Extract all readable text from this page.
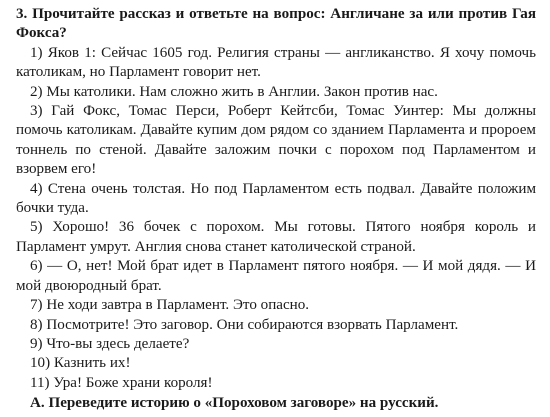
3. Прочитайте рассказ и ответьте на вопрос: Англичане за или против Гая Фокса?

1) Яков 1: Сейчас 1605 год. Религия страны — англиканство. Я хочу помочь католикам, но Парламент говорит нет.

2) Мы католики. Нам сложно жить в Англии. Закон против нас.

3) Гай Фокс, Томас Перси, Роберт Кейтсби, Томас Уинтер: Мы должны помочь католикам. Давайте купим дом рядом со зданием Парламента и пророем тоннель по стеной. Давайте заложим почки с порохом под Парламентом и взорвем его!

4) Стена очень толстая. Но под Парламентом есть подвал. Давайте положим бочки туда.

5) Хорошо! 36 бочек с порохом. Мы готовы. Пятого ноября король и Парламент умрут. Англия снова станет католической страной.

6) — О, нет! Мой брат идет в Парламент пятого ноября. — И мой дядя. — И мой двоюродный брат.

7) Не ходи завтра в Парламент. Это опасно.

8) Посмотрите! Это заговор. Они собираются взорвать Парламент.

9) Что-вы здесь делаете?

10) Казнить их!

11) Ура! Боже храни короля!

А. Переведите историю о «Пороховом заговоре» на русский.
